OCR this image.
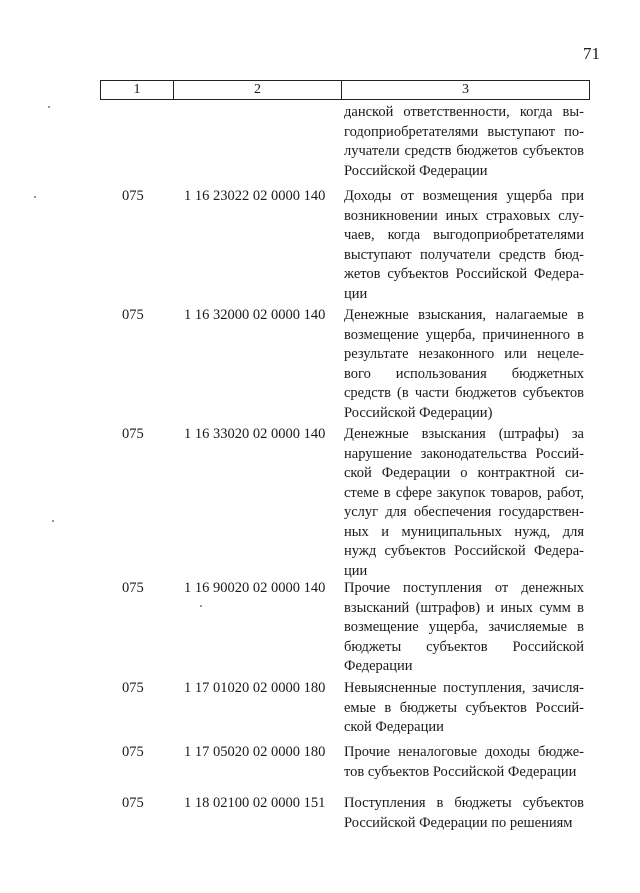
71
1	2	3
данской ответственности, когда выгодоприобретателями выступают получатели средств бюджетов субъектов Российской Федерации
075	1 16 23022 02 0000 140 Доходы от возмещения ущерба при возникновении иных страховых случаев, когда выгодоприобретателями выступают получатели средств бюджетов субъектов Российской Федерации
075	1 16 32000 02 0000 140 Денежные взыскания, налагаемые в возмещение ущерба, причиненного в результате незаконного или нецелевого использования бюджетных средств (в части бюджетов субъектов Российской Федерации)
075	1 16 33020 02 0000 140 Денежные взыскания (штрафы) за нарушение законодательства Российской Федерации о контрактной системе в сфере закупок товаров, работ, услуг для обеспечения государственных и муниципальных нужд, для нужд субъектов Российской Федерации
075	1 16 90020 02 0000 140 Прочие поступления от денежных взысканий (штрафов) и иных сумм в возмещение ущерба, зачисляемые в бюджеты субъектов Российской Федерации
075	1 17 01020 02 0000 180 Невыясненные поступления, зачисляемые в бюджеты субъектов Российской Федерации
075	1 17 05020 02 0000 180 Прочие неналоговые доходы бюджетов субъектов Российской Федерации
075	1 18 02100 02 0000 151 Поступления в бюджеты субъектов Российской Федерации по решениям
